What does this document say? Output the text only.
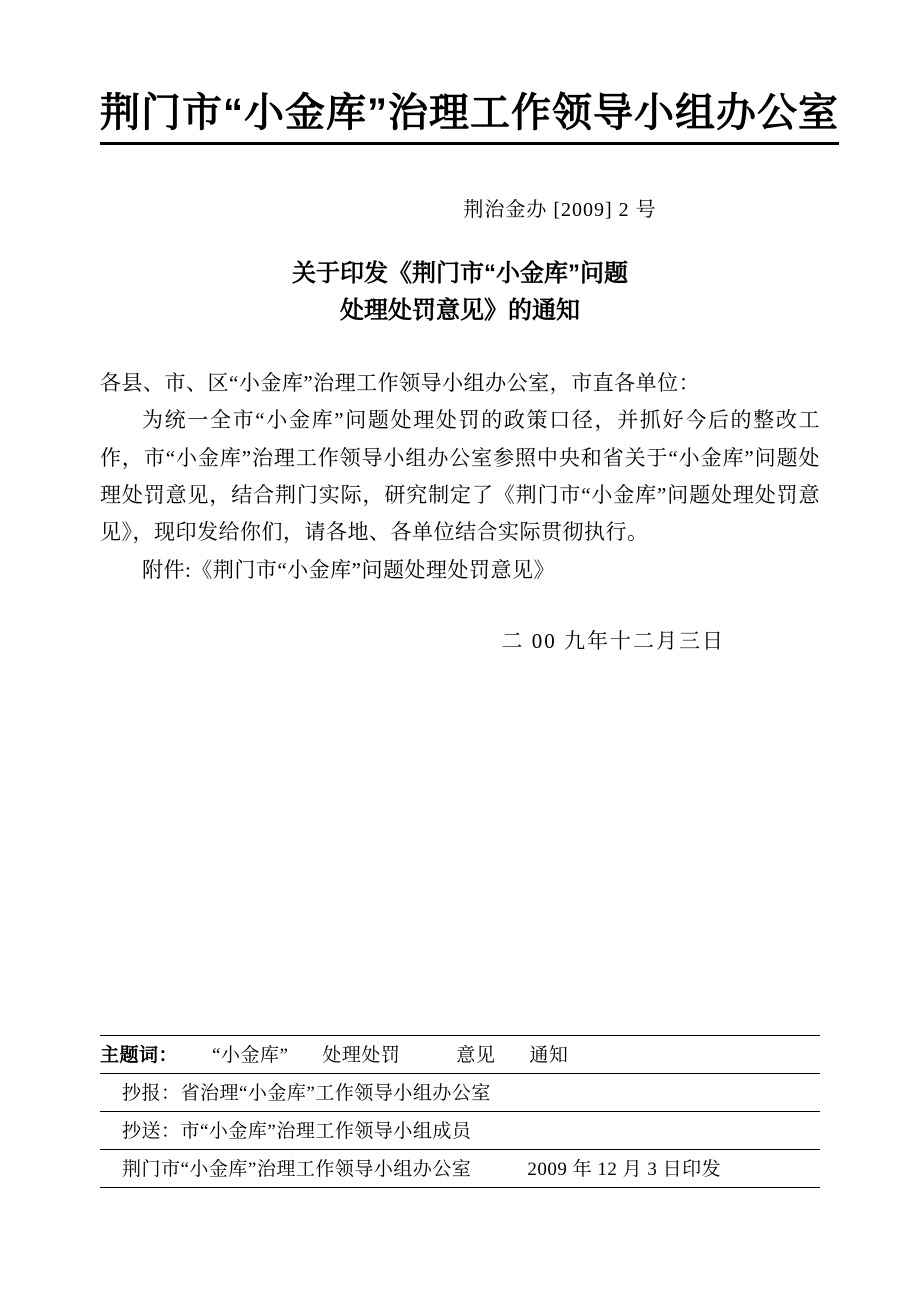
荆门市“小金库”治理工作领导小组办公室
荆治金办 [2009] 2 号
关于印发《荆门市“小金库”问题
处理处罚意见》的通知
各县、市、区“小金库”治理工作领导小组办公室，市直各单位：

为统一全市“小金库”问题处理处罚的政策口径，并抓好今后的整改工作，市“小金库”治理工作领导小组办公室参照中央和省关于“小金库”问题处理处罚意见，结合荆门实际，研究制定了《荆门市“小金库”问题处理处罚意见》，现印发给你们，请各地、各单位结合实际贯彻执行。

附件:《荆门市“小金库”问题处理处罚意见》

二 00 九年十二月三日
主题词： “小金库” 处理处罚	意见 通知
抄报：省治理“小金库”工作领导小组办公室
抄送：市“小金库”治理工作领导小组成员
荆门市“小金库”治理工作领导小组办公室	2009 年 12 月 3 日印发
